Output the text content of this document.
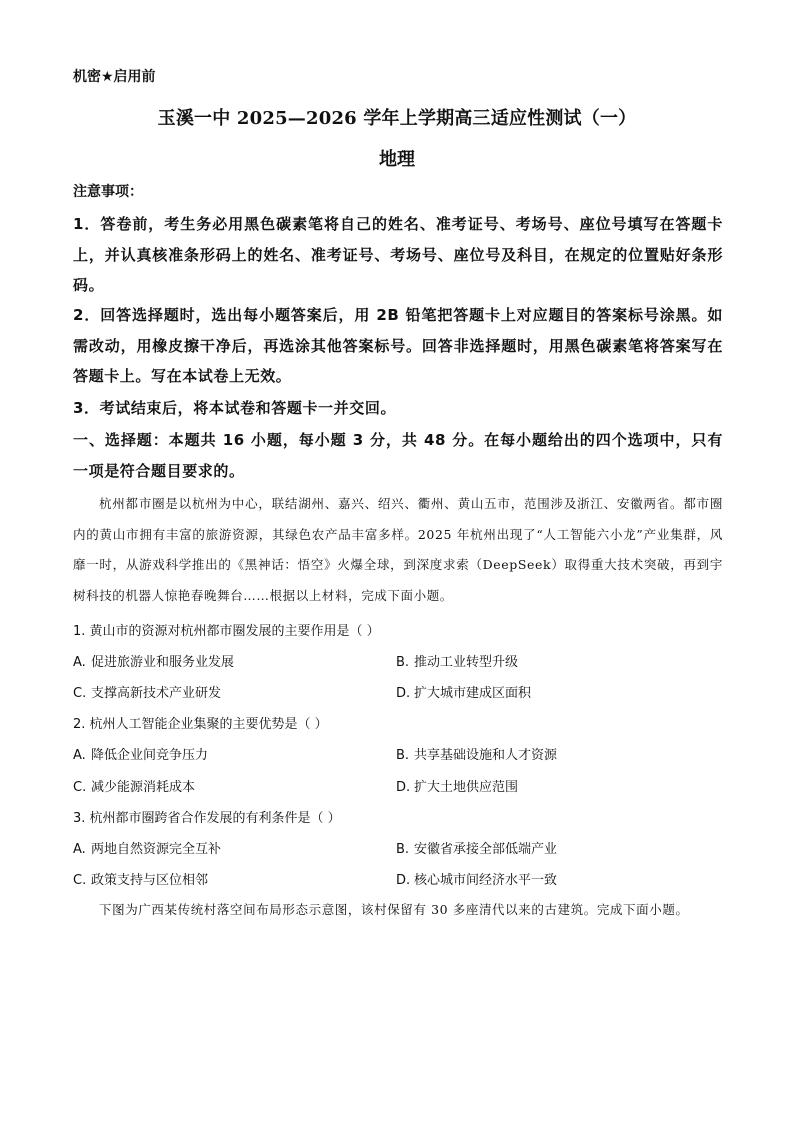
机密★启用前
玉溪一中 2025—2026 学年上学期高三适应性测试（一）
地理
注意事项：
1．答卷前，考生务必用黑色碳素笔将自己的姓名、准考证号、考场号、座位号填写在答题卡上，并认真核准条形码上的姓名、准考证号、考场号、座位号及科目，在规定的位置贴好条形码。
2．回答选择题时，选出每小题答案后，用 2B 铅笔把答题卡上对应题目的答案标号涂黑。如需改动，用橡皮擦干净后，再选涂其他答案标号。回答非选择题时，用黑色碳素笔将答案写在答题卡上。写在本试卷上无效。
3．考试结束后，将本试卷和答题卡一并交回。
一、选择题：本题共 16 小题，每小题 3 分，共 48 分。在每小题给出的四个选项中，只有一项是符合题目要求的。
杭州都市圈是以杭州为中心，联结湖州、嘉兴、绍兴、衢州、黄山五市，范围涉及浙江、安徽两省。都市圈内的黄山市拥有丰富的旅游资源，其绿色农产品丰富多样。2025 年杭州出现了“人工智能六小龙”产业集群，风靡一时，从游戏科学推出的《黑神话：悟空》火爆全球，到深度求索（DeepSeek）取得重大技术突破，再到宇树科技的机器人惊艳春晚舞台……根据以上材料，完成下面小题。
1. 黄山市的资源对杭州都市圈发展的主要作用是（ ）
A. 促进旅游业和服务业发展	B. 推动工业转型升级
C. 支撑高新技术产业研发	D. 扩大城市建成区面积
2. 杭州人工智能企业集聚的主要优势是（ ）
A. 降低企业间竞争压力	B. 共享基础设施和人才资源
C. 减少能源消耗成本	D. 扩大土地供应范围
3. 杭州都市圈跨省合作发展的有利条件是（ ）
A. 两地自然资源完全互补	B. 安徽省承接全部低端产业
C. 政策支持与区位相邻	D. 核心城市间经济水平一致
下图为广西某传统村落空间布局形态示意图，该村保留有 30 多座清代以来的古建筑。完成下面小题。
